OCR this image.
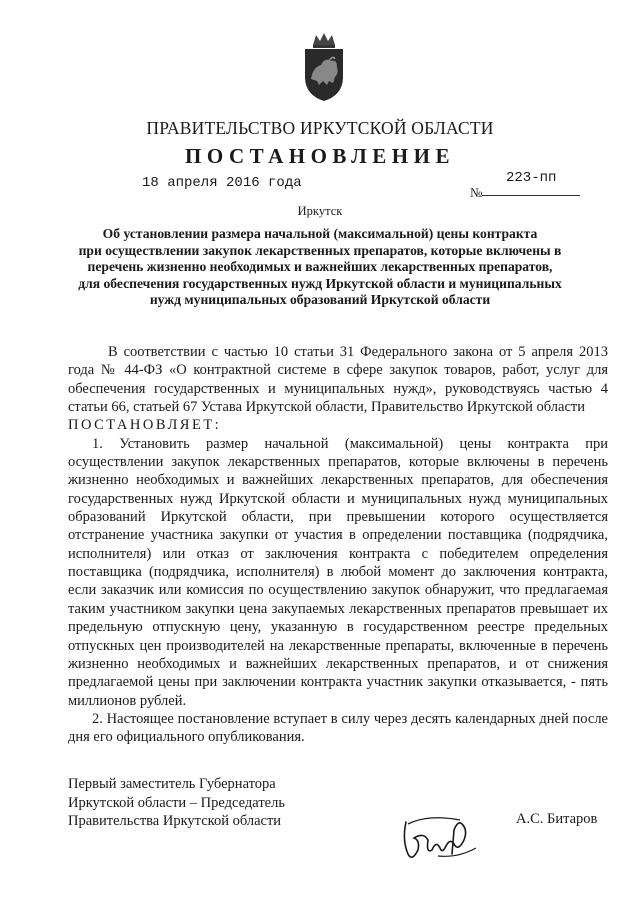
ПРАВИТЕЛЬСТВО ИРКУТСКОЙ ОБЛАСТИ
ПОСТАНОВЛЕНИЕ
18 апреля 2016 года
№
223-пп
Иркутск
Об установлении размера начальной (максимальной) цены контракта
при осуществлении закупок лекарственных препаратов, которые включены в
перечень жизненно необходимых и важнейших лекарственных препаратов,
для обеспечения государственных нужд Иркутской области и муниципальных
нужд муниципальных образований Иркутской области

В соответствии с частью 10 статьи 31 Федерального закона от 5 апреля 2013 года № 44-ФЗ «О контрактной системе в сфере закупок товаров, работ, услуг для обеспечения государственных и муниципальных нужд», руководствуясь частью 4 статьи 66, статьей 67 Устава Иркутской области, Правительство Иркутской области

ПОСТАНОВЛЯЕТ:

1. Установить размер начальной (максимальной) цены контракта при осуществлении закупок лекарственных препаратов, которые включены в перечень жизненно необходимых и важнейших лекарственных препаратов, для обеспечения государственных нужд Иркутской области и муниципальных нужд муниципальных образований Иркутской области, при превышении которого осуществляется отстранение участника закупки от участия в определении поставщика (подрядчика, исполнителя) или отказ от заключения контракта с победителем определения поставщика (подрядчика, исполнителя) в любой момент до заключения контракта, если заказчик или комиссия по осуществлению закупок обнаружит, что предлагаемая таким участником закупки цена закупаемых лекарственных препаратов превышает их предельную отпускную цену, указанную в государственном реестре предельных отпускных цен производителей на лекарственные препараты, включенные в перечень жизненно необходимых и важнейших лекарственных препаратов, и от снижения предлагаемой цены при заключении контракта участник закупки отказывается, - пять миллионов рублей.

2. Настоящее постановление вступает в силу через десять календарных дней после дня его официального опубликования.

Первый заместитель Губернатора
Иркутской области – Председатель
Правительства Иркутской области	А.С. Битаров
